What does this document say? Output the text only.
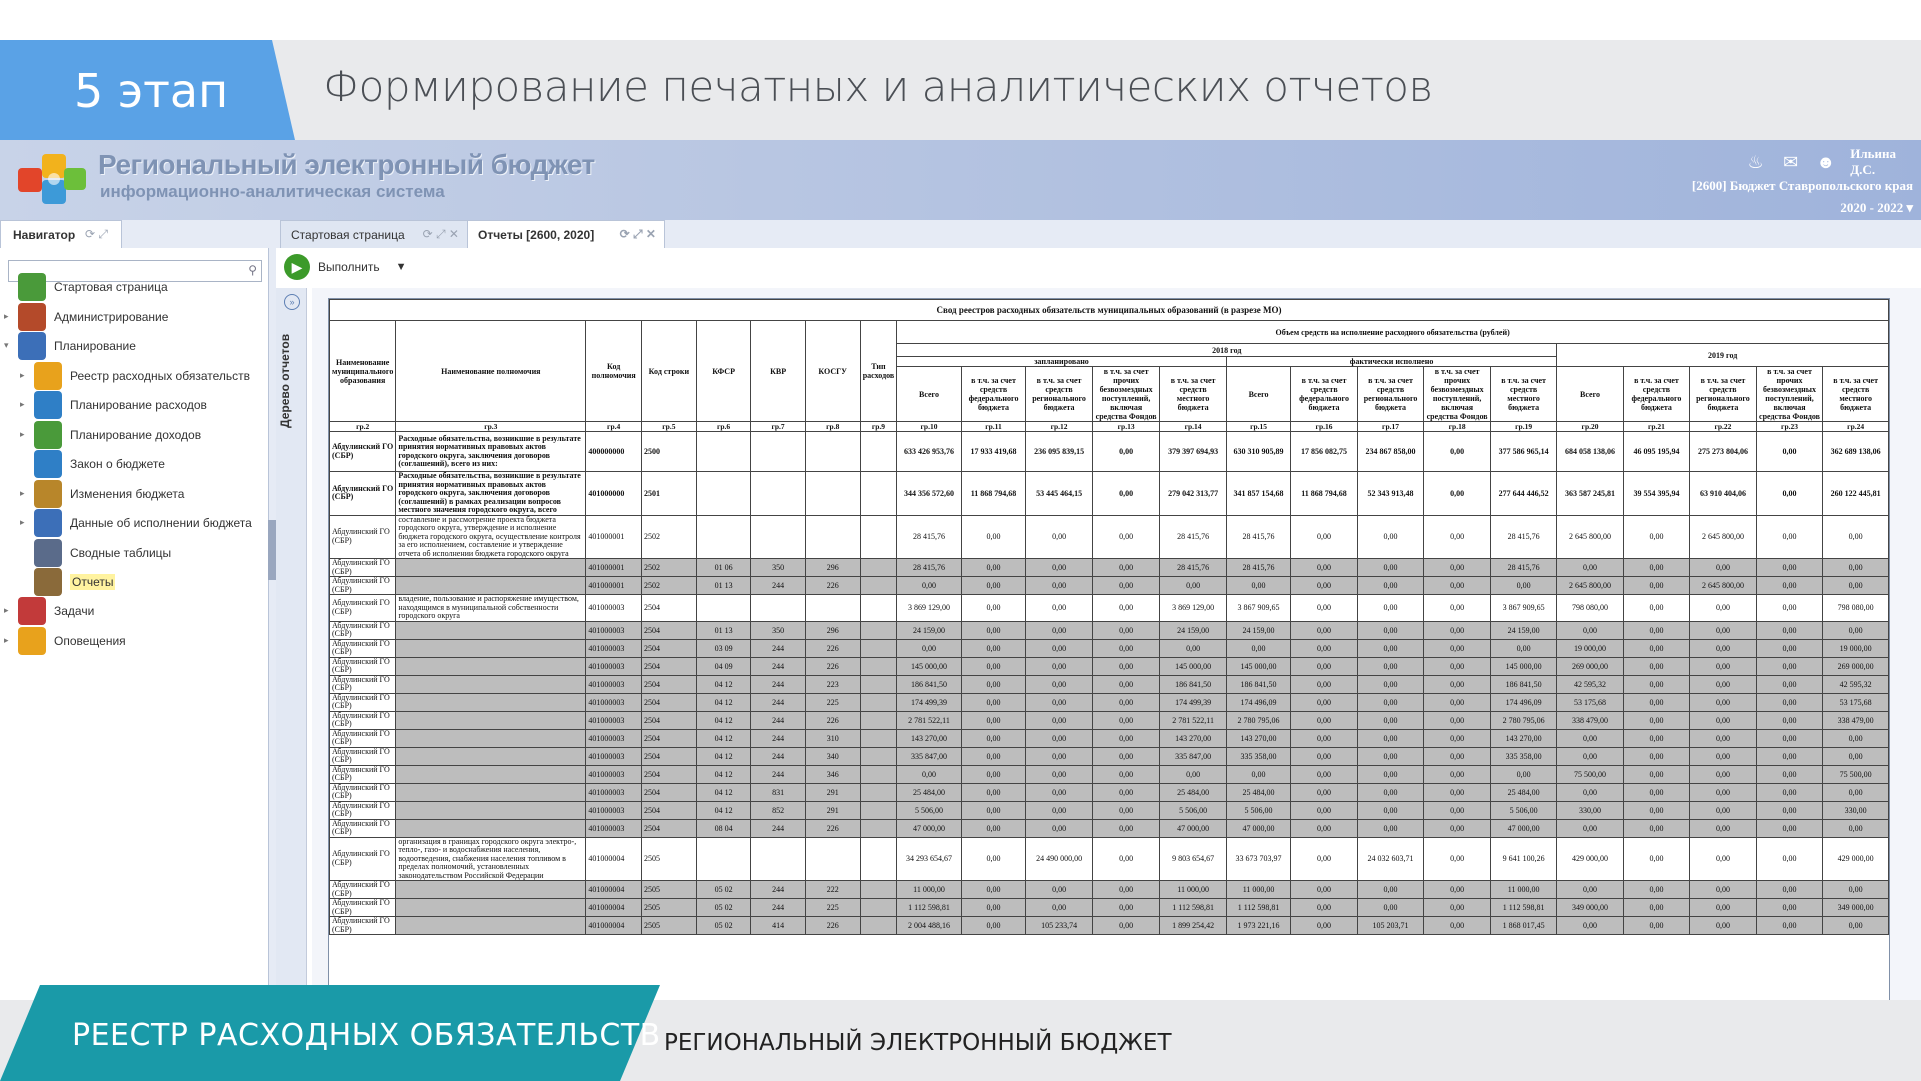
5 этап Формирование печатных и аналитических отчетов
Региональный электронный бюджет
информационно-аналитическая система
♨ ✉ ☻ Ильина Д.С.
[2600] Бюджет Ставропольского края
2020 - 2022 ▾
Навигатор ⟳ ⤢
⚲
Стартовая страница
Администрирование
▸
Планирование
▾
Реестр расходных обязательств
▸
Планирование расходов
▸
Планирование доходов
▸
Закон о бюджете
Изменения бюджета
▸
Данные об исполнении бюджета
▸
Сводные таблицы
Отчеты
Задачи
▸
Оповещения
▸
Стартовая страница ⟳ ⤢ ✕ Отчеты [2600, 2020] ⟳ ⤢ ✕
▶	Выполнить ▼
»
Дерево отчетов
Свод реестров расходных обязательств муниципальных образований (в разрезе МО)																						
Наименование муниципального образования	Наименование полномочия	Код полномочия	Код строки	КФСР	КВР	КОСГУ	Тип расходов	Объем средств на исполнение расходного обязательства (рублей)														
								2018 год										2019 год				
								запланировано					фактически исполнено									
								Всего	в т.ч. за счет средств федерального бюджета	в т.ч. за счет средств регионального бюджета	в т.ч. за счет прочих безвозмездных поступлений, включая средства Фондов	в т.ч. за счет средств местного бюджета	Всего	в т.ч. за счет средств федерального бюджета	в т.ч. за счет средств регионального бюджета	в т.ч. за счет прочих безвозмездных поступлений, включая средства Фондов	в т.ч. за счет средств местного бюджета	Всего	в т.ч. за счет средств федерального бюджета	в т.ч. за счет средств регионального бюджета	в т.ч. за счет прочих безвозмездных поступлений, включая средства Фондов	в т.ч. за счет средств местного бюджета
гр.2	гр.3	гр.4	гр.5	гр.6	гр.7	гр.8	гр.9	гр.10	гр.11	гр.12	гр.13	гр.14	гр.15	гр.16	гр.17	гр.18	гр.19	гр.20	гр.21	гр.22	гр.23	гр.24
Абдулинский ГО (СБР)	Расходные обязательства, возникшие в результате принятия нормативных правовых актов городского округа, заключения договоров (соглашений), всего из них:	400000000	2500					633 426 953,76	17 933 419,68	236 095 839,15	0,00	379 397 694,93	630 310 905,89	17 856 082,75	234 867 858,00	0,00	377 586 965,14	684 058 138,06	46 095 195,94	275 273 804,06	0,00	362 689 138,06
Абдулинский ГО (СБР)	Расходные обязательства, возникшие в результате принятия нормативных правовых актов городского округа, заключения договоров (соглашений) в рамках реализации вопросов местного значения городского округа, всего	401000000	2501					344 356 572,60	11 868 794,68	53 445 464,15	0,00	279 042 313,77	341 857 154,68	11 868 794,68	52 343 913,48	0,00	277 644 446,52	363 587 245,81	39 554 395,94	63 910 404,06	0,00	260 122 445,81
Абдулинский ГО (СБР)	составление и рассмотрение проекта бюджета городского округа, утверждение и исполнение бюджета городского округа, осуществление контроля за его исполнением, составление и утверждение отчета об исполнении бюджета городского округа	401000001	2502					28 415,76	0,00	0,00	0,00	28 415,76	28 415,76	0,00	0,00	0,00	28 415,76	2 645 800,00	0,00	2 645 800,00	0,00	0,00
Абдулинский ГО (СБР)		401000001	2502	01 06	350	296		28 415,76	0,00	0,00	0,00	28 415,76	28 415,76	0,00	0,00	0,00	28 415,76	0,00	0,00	0,00	0,00	0,00
Абдулинский ГО (СБР)		401000001	2502	01 13	244	226		0,00	0,00	0,00	0,00	0,00	0,00	0,00	0,00	0,00	0,00	2 645 800,00	0,00	2 645 800,00	0,00	0,00
Абдулинский ГО (СБР)	владение, пользование и распоряжение имуществом, находящимся в муниципальной собственности городского округа	401000003	2504					3 869 129,00	0,00	0,00	0,00	3 869 129,00	3 867 909,65	0,00	0,00	0,00	3 867 909,65	798 080,00	0,00	0,00	0,00	798 080,00
Абдулинский ГО (СБР)		401000003	2504	01 13	350	296		24 159,00	0,00	0,00	0,00	24 159,00	24 159,00	0,00	0,00	0,00	24 159,00	0,00	0,00	0,00	0,00	0,00
Абдулинский ГО (СБР)		401000003	2504	03 09	244	226		0,00	0,00	0,00	0,00	0,00	0,00	0,00	0,00	0,00	0,00	19 000,00	0,00	0,00	0,00	19 000,00
Абдулинский ГО (СБР)		401000003	2504	04 09	244	226		145 000,00	0,00	0,00	0,00	145 000,00	145 000,00	0,00	0,00	0,00	145 000,00	269 000,00	0,00	0,00	0,00	269 000,00
Абдулинский ГО (СБР)		401000003	2504	04 12	244	223		186 841,50	0,00	0,00	0,00	186 841,50	186 841,50	0,00	0,00	0,00	186 841,50	42 595,32	0,00	0,00	0,00	42 595,32
Абдулинский ГО (СБР)		401000003	2504	04 12	244	225		174 499,39	0,00	0,00	0,00	174 499,39	174 496,09	0,00	0,00	0,00	174 496,09	53 175,68	0,00	0,00	0,00	53 175,68
Абдулинский ГО (СБР)		401000003	2504	04 12	244	226		2 781 522,11	0,00	0,00	0,00	2 781 522,11	2 780 795,06	0,00	0,00	0,00	2 780 795,06	338 479,00	0,00	0,00	0,00	338 479,00
Абдулинский ГО (СБР)		401000003	2504	04 12	244	310		143 270,00	0,00	0,00	0,00	143 270,00	143 270,00	0,00	0,00	0,00	143 270,00	0,00	0,00	0,00	0,00	0,00
Абдулинский ГО (СБР)		401000003	2504	04 12	244	340		335 847,00	0,00	0,00	0,00	335 847,00	335 358,00	0,00	0,00	0,00	335 358,00	0,00	0,00	0,00	0,00	0,00
Абдулинский ГО (СБР)		401000003	2504	04 12	244	346		0,00	0,00	0,00	0,00	0,00	0,00	0,00	0,00	0,00	0,00	75 500,00	0,00	0,00	0,00	75 500,00
Абдулинский ГО (СБР)		401000003	2504	04 12	831	291		25 484,00	0,00	0,00	0,00	25 484,00	25 484,00	0,00	0,00	0,00	25 484,00	0,00	0,00	0,00	0,00	0,00
Абдулинский ГО (СБР)		401000003	2504	04 12	852	291		5 506,00	0,00	0,00	0,00	5 506,00	5 506,00	0,00	0,00	0,00	5 506,00	330,00	0,00	0,00	0,00	330,00
Абдулинский ГО (СБР)		401000003	2504	08 04	244	226		47 000,00	0,00	0,00	0,00	47 000,00	47 000,00	0,00	0,00	0,00	47 000,00	0,00	0,00	0,00	0,00	0,00
Абдулинский ГО (СБР)	организация в границах городского округа электро-, тепло-, газо- и водоснабжения населения, водоотведения, снабжения населения топливом в пределах полномочий, установленных законодательством Российской Федерации	401000004	2505					34 293 654,67	0,00	24 490 000,00	0,00	9 803 654,67	33 673 703,97	0,00	24 032 603,71	0,00	9 641 100,26	429 000,00	0,00	0,00	0,00	429 000,00
Абдулинский ГО (СБР)		401000004	2505	05 02	244	222		11 000,00	0,00	0,00	0,00	11 000,00	11 000,00	0,00	0,00	0,00	11 000,00	0,00	0,00	0,00	0,00	0,00
Абдулинский ГО (СБР)		401000004	2505	05 02	244	225		1 112 598,81	0,00	0,00	0,00	1 112 598,81	1 112 598,81	0,00	0,00	0,00	1 112 598,81	349 000,00	0,00	0,00	0,00	349 000,00
Абдулинский ГО (СБР)		401000004	2505	05 02	414	226		2 004 488,16	0,00	105 233,74	0,00	1 899 254,42	1 973 221,16	0,00	105 203,71	0,00	1 868 017,45	0,00	0,00	0,00	0,00	0,00
РЕЕСТР РАСХОДНЫХ ОБЯЗАТЕЛЬСТВ РЕГИОНАЛЬНЫЙ ЭЛЕКТРОННЫЙ БЮДЖЕТ
